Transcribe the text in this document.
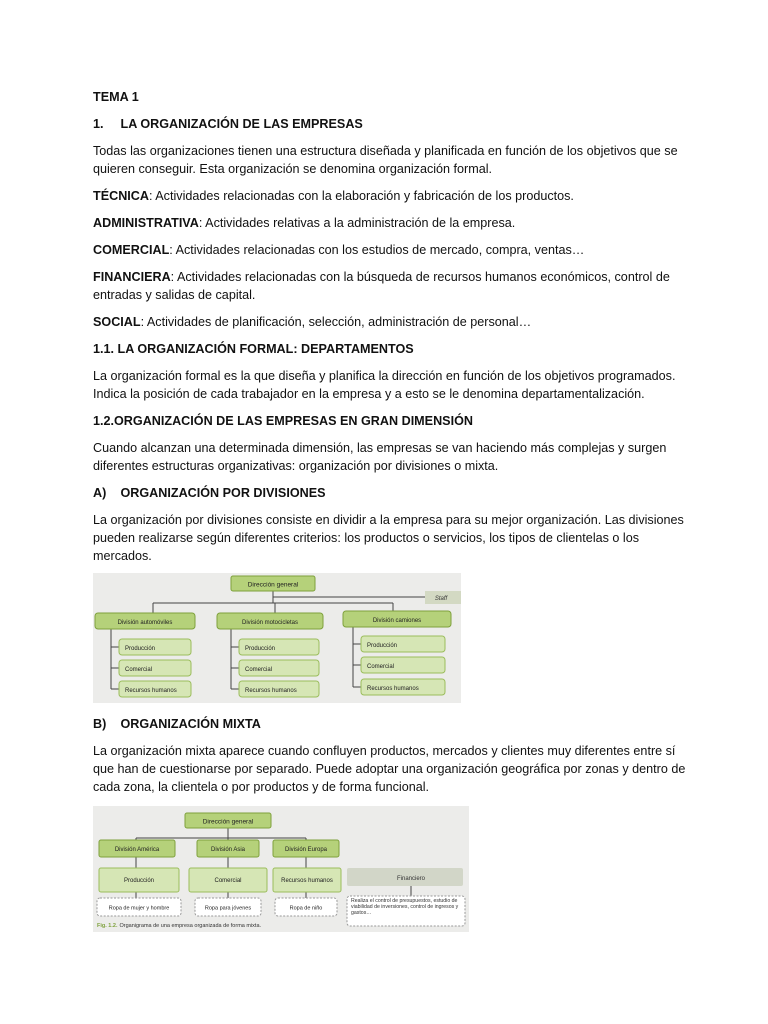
TEMA 1

1. LA ORGANIZACIÓN DE LAS EMPRESAS

Todas las organizaciones tienen una estructura diseñada y planificada en función de los objetivos que se quieren conseguir. Esta organización se denomina organización formal.

TÉCNICA: Actividades relacionadas con la elaboración y fabricación de los productos.

ADMINISTRATIVA: Actividades relativas a la administración de la empresa.

COMERCIAL: Actividades relacionadas con los estudios de mercado, compra, ventas…

FINANCIERA: Actividades relacionadas con la búsqueda de recursos humanos económicos, control de entradas y salidas de capital.

SOCIAL: Actividades de planificación, selección, administración de personal…

1.1. LA ORGANIZACIÓN FORMAL: DEPARTAMENTOS

La organización formal es la que diseña y planifica la dirección en función de los objetivos programados. Indica la posición de cada trabajador en la empresa y a esto se le denomina departamentalización.

1.2.ORGANIZACIÓN DE LAS EMPRESAS EN GRAN DIMENSIÓN

Cuando alcanzan una determinada dimensión, las empresas se van haciendo más complejas y surgen diferentes estructuras organizativas: organización por divisiones o mixta.

A) ORGANIZACIÓN POR DIVISIONES

La organización por divisiones consiste en dividir a la empresa para su mejor organización. Las divisiones pueden realizarse según diferentes criterios: los productos o servicios, los tipos de clientelas o los mercados.

Dirección general
Staff
División automóviles
Producción
Comercial
Recursos humanos
División motocicletas
Producción
Comercial
Recursos humanos
División camiones
Producción
Comercial
Recursos humanos

B) ORGANIZACIÓN MIXTA

La organización mixta aparece cuando confluyen productos, mercados y clientes muy diferentes entre sí que han de cuestionarse por separado. Puede adoptar una organización geográfica por zonas y dentro de cada zona, la clientela o por productos y de forma funcional.

Dirección general
División América	División Asia	División Europa
Producción	Comercial	Recursos humanos	Financiero
Ropa de mujer y hombre	Ropa para jóvenes	Ropa de niño
Realiza el control de presupuestos, estudio de viabilidad de inversiones, control de ingresos y gastos…
Fig. 1.2. Organigrama de una empresa organizada de forma mixta.
